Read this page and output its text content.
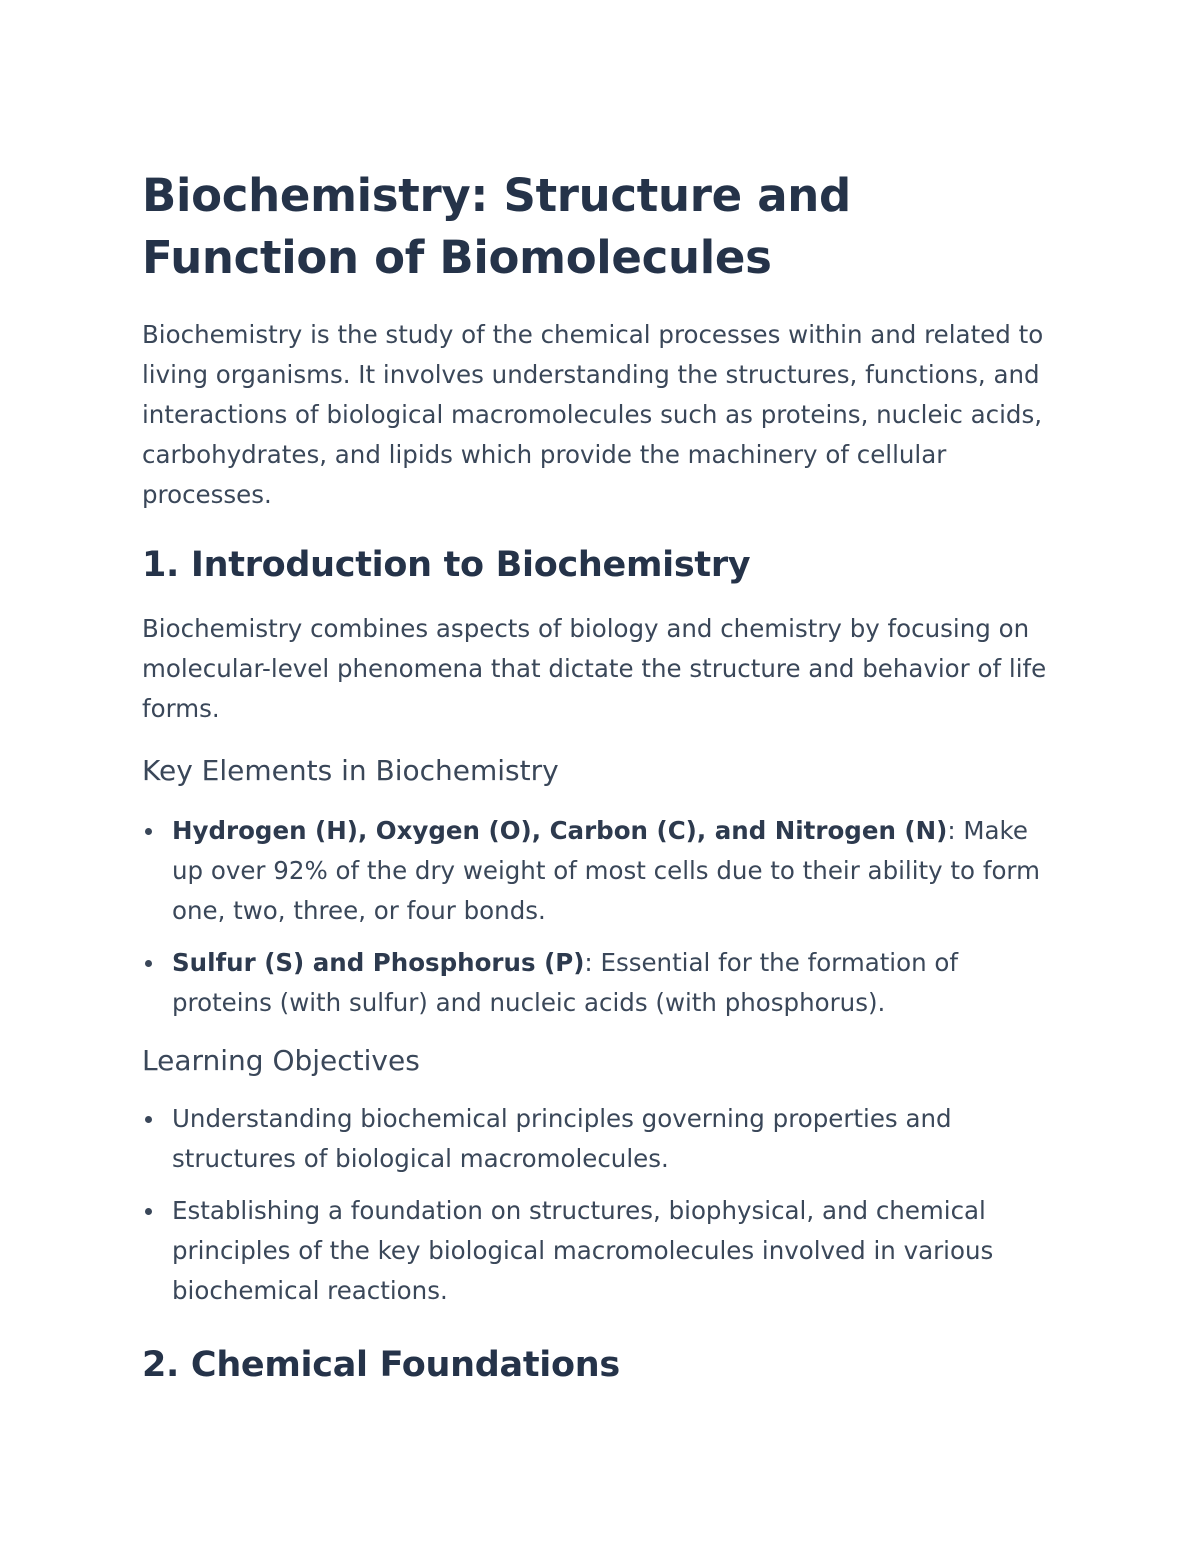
Biochemistry: Structure and Function of Biomolecules

Biochemistry is the study of the chemical processes within and related to living organisms. It involves understanding the structures, functions, and interactions of biological macromolecules such as proteins, nucleic acids, carbohydrates, and lipids which provide the machinery of cellular processes.

1. Introduction to Biochemistry

Biochemistry combines aspects of biology and chemistry by focusing on molecular-level phenomena that dictate the structure and behavior of life forms.

Key Elements in Biochemistry
Hydrogen (H), Oxygen (O), Carbon (C), and Nitrogen (N): Make up over 92% of the dry weight of most cells due to their ability to form one, two, three, or four bonds.
Sulfur (S) and Phosphorus (P): Essential for the formation of proteins (with sulfur) and nucleic acids (with phosphorus).
Learning Objectives
Understanding biochemical principles governing properties and structures of biological macromolecules.
Establishing a foundation on structures, biophysical, and chemical principles of the key biological macromolecules involved in various biochemical reactions.
2. Chemical Foundations
